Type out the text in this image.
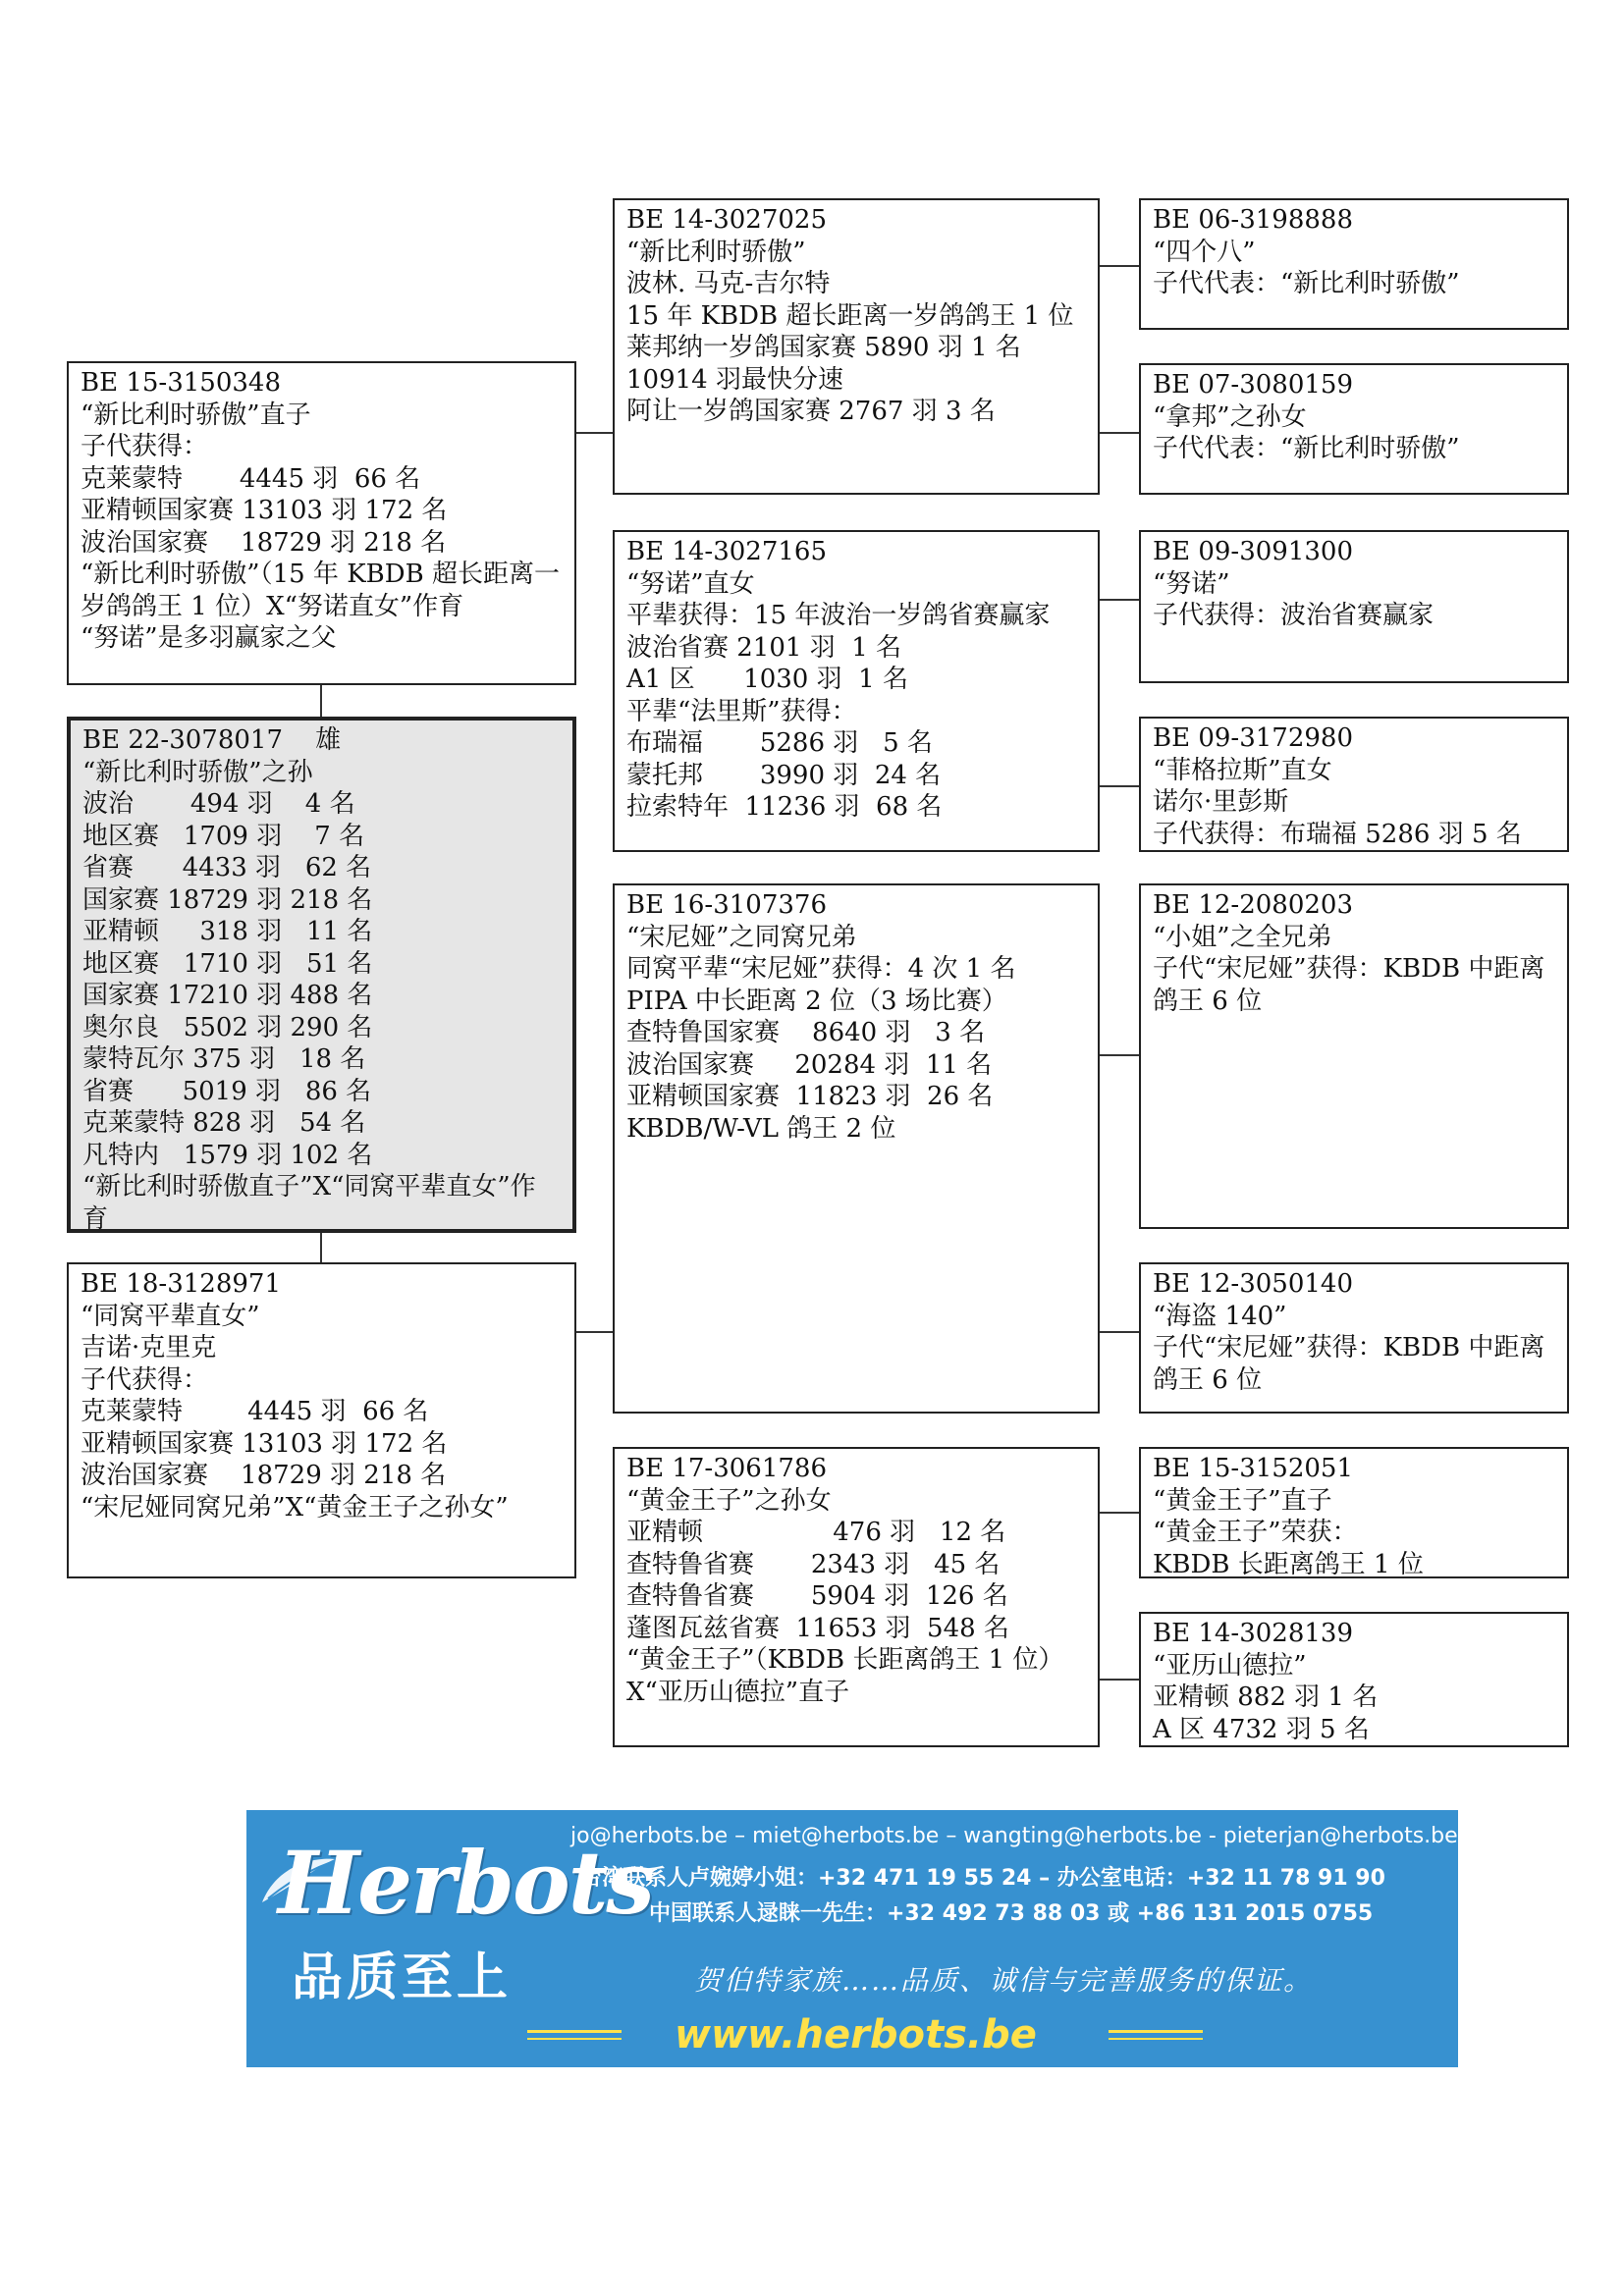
BE 15-3150348
“新比利时骄傲”直子
子代获得：
克莱蒙特       4445 羽  66 名
亚精顿国家赛 13103 羽 172 名
波治国家赛    18729 羽 218 名
“新比利时骄傲”（15 年 KBDB 超长距离一岁鸽鸽王 1 位）X“努诺直女”作育
“努诺”是多羽赢家之父
BE 22-3078017    雄
“新比利时骄傲”之孙
波治       494 羽    4 名
地区赛   1709 羽    7 名
省赛      4433 羽   62 名
国家赛 18729 羽 218 名
亚精顿     318 羽   11 名
地区赛   1710 羽   51 名
国家赛 17210 羽 488 名
奥尔良   5502 羽 290 名
蒙特瓦尔 375 羽   18 名
省赛      5019 羽   86 名
克莱蒙特 828 羽   54 名
凡特内   1579 羽 102 名
“新比利时骄傲直子”X“同窝平辈直女”作育
BE 18-3128971
“同窝平辈直女”
吉诺·克里克
子代获得：
克莱蒙特        4445 羽  66 名
亚精顿国家赛 13103 羽 172 名
波治国家赛    18729 羽 218 名
“宋尼娅同窝兄弟”X“黄金王子之孙女”
BE 14-3027025
“新比利时骄傲”
波林. 马克-吉尔特
15 年 KBDB 超长距离一岁鸽鸽王 1 位
莱邦纳一岁鸽国家赛 5890 羽 1 名
10914 羽最快分速
阿让一岁鸽国家赛 2767 羽 3 名
BE 14-3027165
“努诺”直女
平辈获得：15 年波治一岁鸽省赛赢家
波治省赛 2101 羽  1 名
A1 区      1030 羽  1 名
平辈“法里斯”获得：
布瑞福       5286 羽   5 名
蒙托邦       3990 羽  24 名
拉索特年  11236 羽  68 名
BE 16-3107376
“宋尼娅”之同窝兄弟
同窝平辈“宋尼娅”获得：4 次 1 名
PIPA 中长距离 2 位（3 场比赛）
查特鲁国家赛    8640 羽   3 名
波治国家赛     20284 羽  11 名
亚精顿国家赛  11823 羽  26 名
KBDB/W-VL 鸽王 2 位
BE 17-3061786
“黄金王子”之孙女
亚精顿                476 羽   12 名
查特鲁省赛       2343 羽   45 名
查特鲁省赛       5904 羽  126 名
蓬图瓦兹省赛  11653 羽  548 名
“黄金王子”（KBDB 长距离鸽王 1 位）X“亚历山德拉”直子
BE 06-3198888
“四个八”
子代代表：“新比利时骄傲”
BE 07-3080159
“拿邦”之孙女
子代代表：“新比利时骄傲”
BE 09-3091300
“努诺”
子代获得：波治省赛赢家
BE 09-3172980
“菲格拉斯”直女
诺尔·里彭斯
子代获得：布瑞福 5286 羽 5 名
BE 12-2080203
“小姐”之全兄弟
子代“宋尼娅”获得：KBDB 中距离鸽王 6 位
BE 12-3050140
“海盗 140”
子代“宋尼娅”获得：KBDB 中距离鸽王 6 位
BE 15-3152051
“黄金王子”直子
“黄金王子”荣获：
KBDB 长距离鸽王 1 位
BE 14-3028139
“亚历山德拉”
亚精顿 882 羽 1 名
A 区 4732 羽 5 名
Herbots
品质至上
jo@herbots.be – miet@herbots.be – wangting@herbots.be - pieterjan@herbots.be
台湾联系人卢婉婷小姐：+32 471 19 55 24 – 办公室电话：+32 11 78 91 90
中国联系人逯睐一先生：+32 492 73 88 03 或 +86 131 2015 0755
贺伯特家族……品质、诚信与完善服务的保证。
www.herbots.be
